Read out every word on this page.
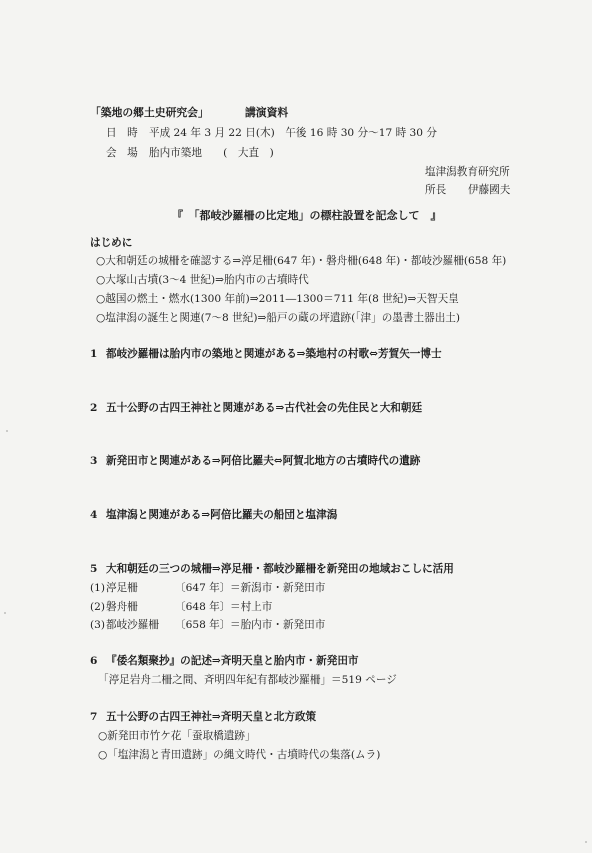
「築地の郷土史研究会」	講演資料
日　時 平成 24 年 3 月 22 日(木)　午後 16 時 30 分～17 時 30 分
会　場 胎内市築地　　(　大直　)
塩津潟教育研究所
所長 伊藤國夫
『　「都岐沙羅柵の比定地」の標柱設置を記念して　』
はじめに
○大和朝廷の城柵を確認する⇒渟足柵(647 年)・磐舟柵(648 年)・都岐沙羅柵(658 年)
○大塚山古墳(3～4 世紀)⇒胎内市の古墳時代
○越国の燃土・燃水(1300 年前)⇒2011―1300＝711 年(8 世紀)⇒天智天皇
○塩津潟の誕生と関連(7～8 世紀)⇒船戸の蔵の坪遺跡(「津」の墨書土器出土)
1 都岐沙羅柵は胎内市の築地と関連がある⇒築地村の村歌⇔芳賀矢一博士
2 五十公野の古四王神社と関連がある⇒古代社会の先住民と大和朝廷
3 新発田市と関連がある⇒阿倍比羅夫⇔阿賀北地方の古墳時代の遺跡
4 塩津潟と関連がある⇒阿倍比羅夫の船団と塩津潟
5 大和朝廷の三つの城柵⇒渟足柵・都岐沙羅柵を新発田の地域おこしに活用
(1) 渟足柵	〔647 年〕 ＝新潟市・新発田市
(2) 磐舟柵	〔648 年〕 ＝村上市
(3) 都岐沙羅柵 〔658 年〕 ＝胎内市・新発田市
6 『倭名類聚抄』の記述⇒斉明天皇と胎内市・新発田市
「渟足岩舟二柵之間、斉明四年紀有都岐沙羅柵」＝519 ページ
7 五十公野の古四王神社⇒斉明天皇と北方政策
○新発田市竹ケ花「蚕取橋遺跡」
○「塩津潟と青田遺跡」の縄文時代・古墳時代の集落(ムラ)
